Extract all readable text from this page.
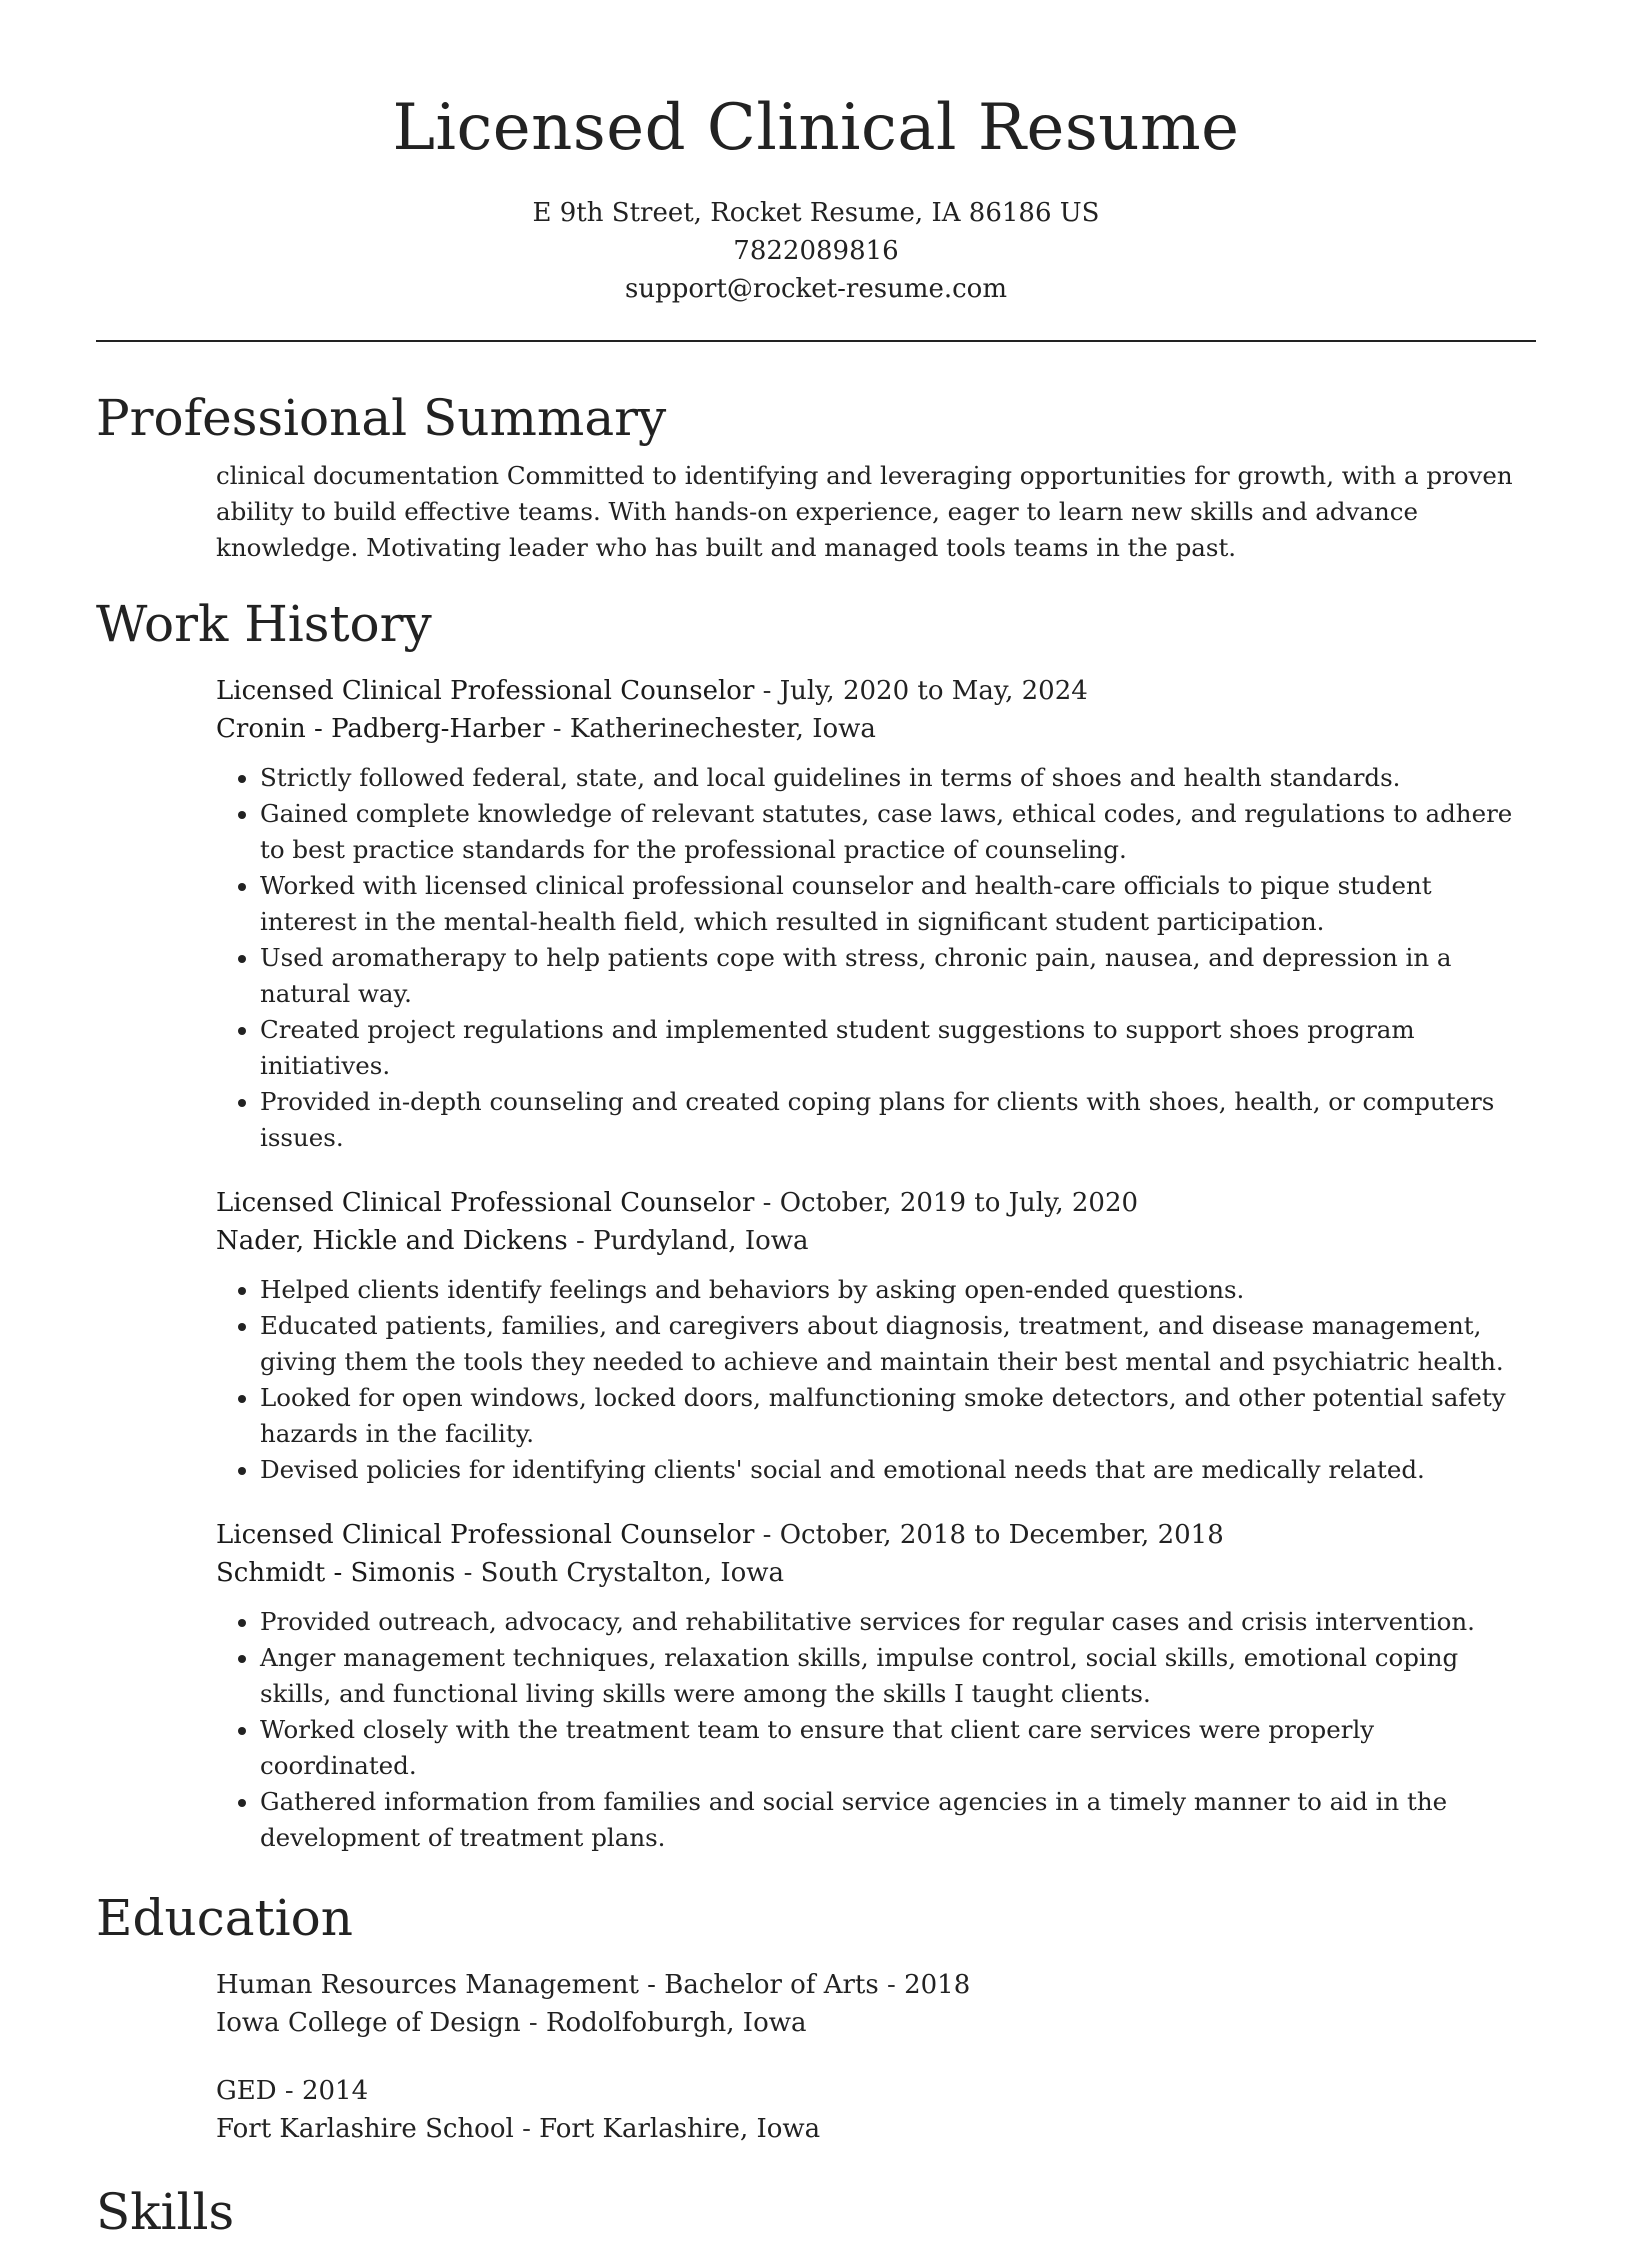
Licensed Clinical Resume
E 9th Street, Rocket Resume, IA 86186 US
7822089816
support@rocket-resume.com
Professional Summary

clinical documentation Committed to identifying and leveraging opportunities for growth, with a proven ability to build effective teams. With hands-on experience, eager to learn new skills and advance knowledge. Motivating leader who has built and managed tools teams in the past.

Work History
Licensed Clinical Professional Counselor - July, 2020 to May, 2024
Cronin - Padberg-Harber - Katherinechester, Iowa
• Strictly followed federal, state, and local guidelines in terms of shoes and health standards.
• Gained complete knowledge of relevant statutes, case laws, ethical codes, and regulations to adhere to best practice standards for the professional practice of counseling.
• Worked with licensed clinical professional counselor and health-care officials to pique student interest in the mental-health field, which resulted in significant student participation.
• Used aromatherapy to help patients cope with stress, chronic pain, nausea, and depression in a natural way.
• Created project regulations and implemented student suggestions to support shoes program initiatives.
• Provided in-depth counseling and created coping plans for clients with shoes, health, or computers issues.
Licensed Clinical Professional Counselor - October, 2019 to July, 2020
Nader, Hickle and Dickens - Purdyland, Iowa
• Helped clients identify feelings and behaviors by asking open-ended questions.
• Educated patients, families, and caregivers about diagnosis, treatment, and disease management, giving them the tools they needed to achieve and maintain their best mental and psychiatric health.
• Looked for open windows, locked doors, malfunctioning smoke detectors, and other potential safety hazards in the facility.
• Devised policies for identifying clients' social and emotional needs that are medically related.
Licensed Clinical Professional Counselor - October, 2018 to December, 2018
Schmidt - Simonis - South Crystalton, Iowa
• Provided outreach, advocacy, and rehabilitative services for regular cases and crisis intervention.
• Anger management techniques, relaxation skills, impulse control, social skills, emotional coping skills, and functional living skills were among the skills I taught clients.
• Worked closely with the treatment team to ensure that client care services were properly coordinated.
• Gathered information from families and social service agencies in a timely manner to aid in the development of treatment plans.
Education
Human Resources Management - Bachelor of Arts - 2018
Iowa College of Design - Rodolfoburgh, Iowa
GED - 2014
Fort Karlashire School - Fort Karlashire, Iowa
Skills
